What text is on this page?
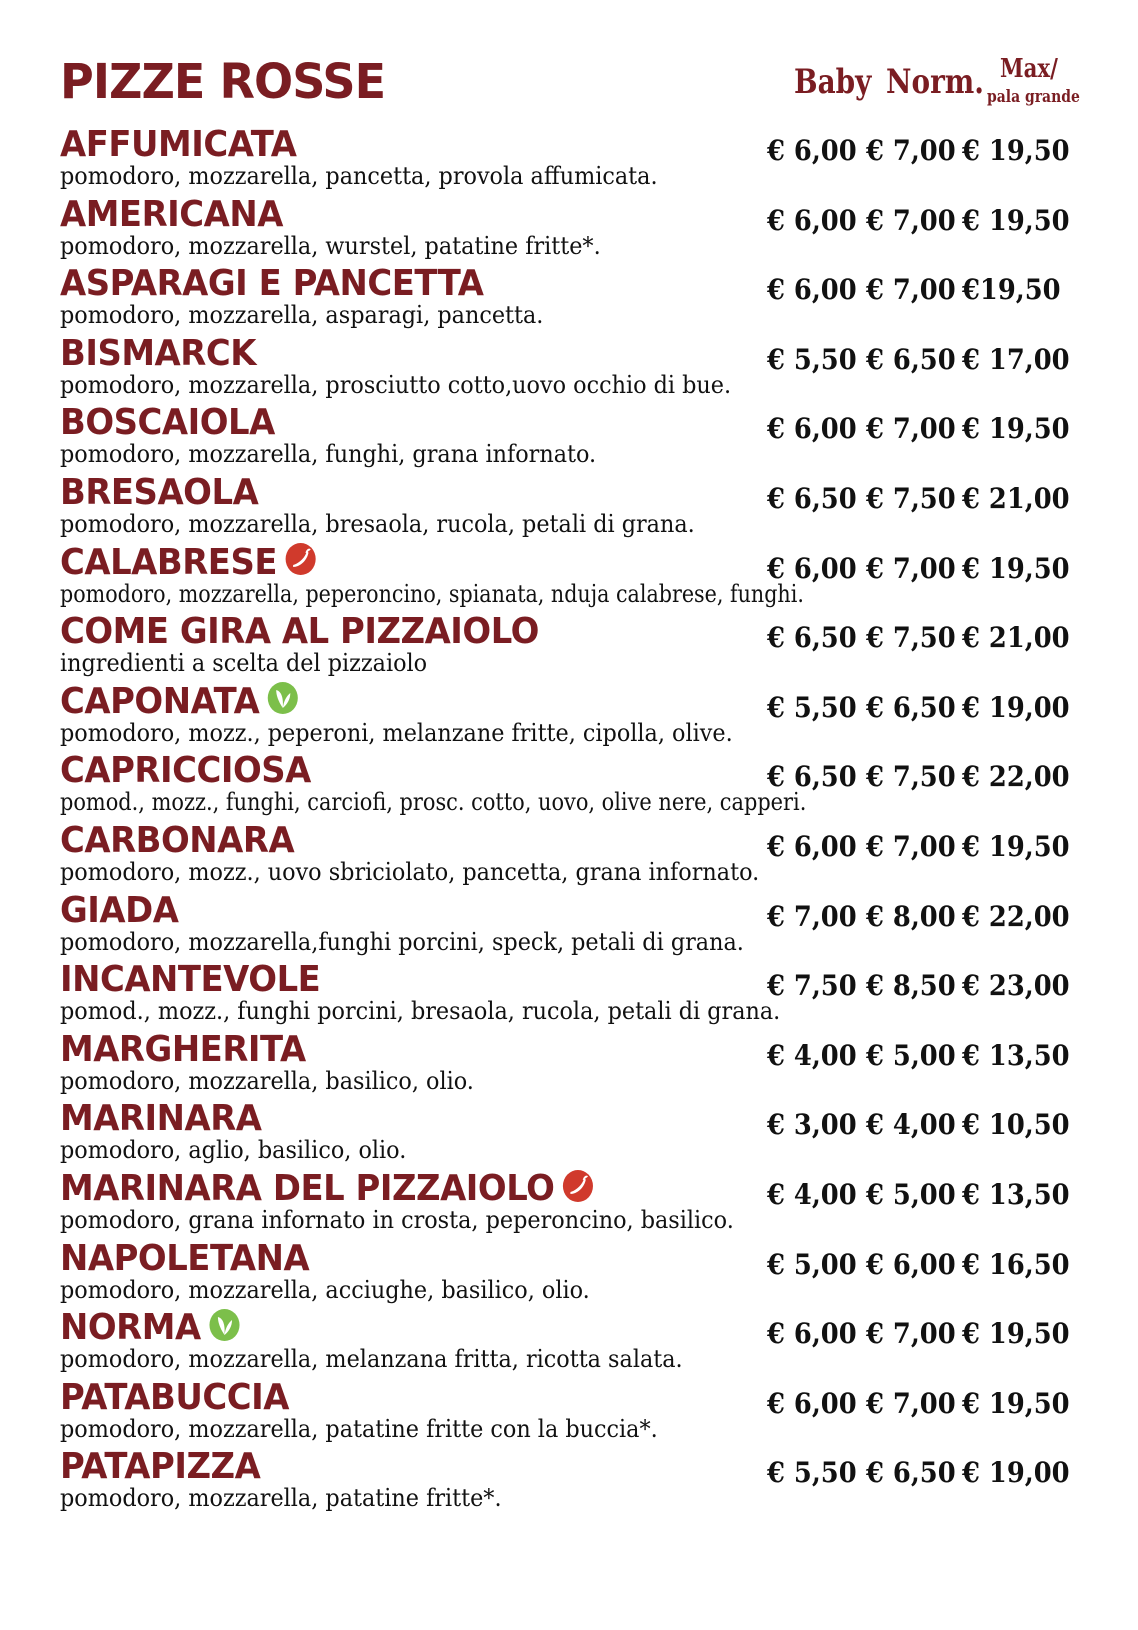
PIZZE ROSSE	Baby Norm. Max/
pala grande
AFFUMICATA
pomodoro, mozzarella, pancetta, provola affumicata.
€ 6,00 € 7,00 € 19,50
AMERICANA
pomodoro, mozzarella, wurstel, patatine fritte*.
€ 6,00 € 7,00 € 19,50
ASPARAGI E PANCETTA
pomodoro, mozzarella, asparagi, pancetta.
€ 6,00 € 7,00 €19,50
BISMARCK
pomodoro, mozzarella, prosciutto cotto,uovo occhio di bue.
€ 5,50 € 6,50 € 17,00
BOSCAIOLA
pomodoro, mozzarella, funghi, grana infornato.
€ 6,00 € 7,00 € 19,50
BRESAOLA
pomodoro, mozzarella, bresaola, rucola, petali di grana.
€ 6,50 € 7,50 € 21,00
CALABRESE
pomodoro, mozzarella, peperoncino, spianata, nduja calabrese, funghi.
€ 6,00 € 7,00 € 19,50
COME GIRA AL PIZZAIOLO
ingredienti a scelta del pizzaiolo
€ 6,50 € 7,50 € 21,00
CAPONATA
pomodoro, mozz., peperoni, melanzane fritte, cipolla, olive.
€ 5,50 € 6,50 € 19,00
CAPRICCIOSA
pomod., mozz., funghi, carciofi, prosc. cotto, uovo, olive nere, capperi.
€ 6,50 € 7,50 € 22,00
CARBONARA
pomodoro, mozz., uovo sbriciolato, pancetta, grana infornato.
€ 6,00 € 7,00 € 19,50
GIADA
pomodoro, mozzarella,funghi porcini, speck, petali di grana.
€ 7,00 € 8,00 € 22,00
INCANTEVOLE
pomod., mozz., funghi porcini, bresaola, rucola, petali di grana.
€ 7,50 € 8,50 € 23,00
MARGHERITA
pomodoro, mozzarella, basilico, olio.
€ 4,00 € 5,00 € 13,50
MARINARA
pomodoro, aglio, basilico, olio.
€ 3,00 € 4,00 € 10,50
MARINARA DEL PIZZAIOLO
pomodoro, grana infornato in crosta, peperoncino, basilico.
€ 4,00 € 5,00 € 13,50
NAPOLETANA
pomodoro, mozzarella, acciughe, basilico, olio.
€ 5,00 € 6,00 € 16,50
NORMA
pomodoro, mozzarella, melanzana fritta, ricotta salata.
€ 6,00 € 7,00 € 19,50
PATABUCCIA
pomodoro, mozzarella, patatine fritte con la buccia*.
€ 6,00 € 7,00 € 19,50
PATAPIZZA
pomodoro, mozzarella, patatine fritte*.
€ 5,50 € 6,50 € 19,00
